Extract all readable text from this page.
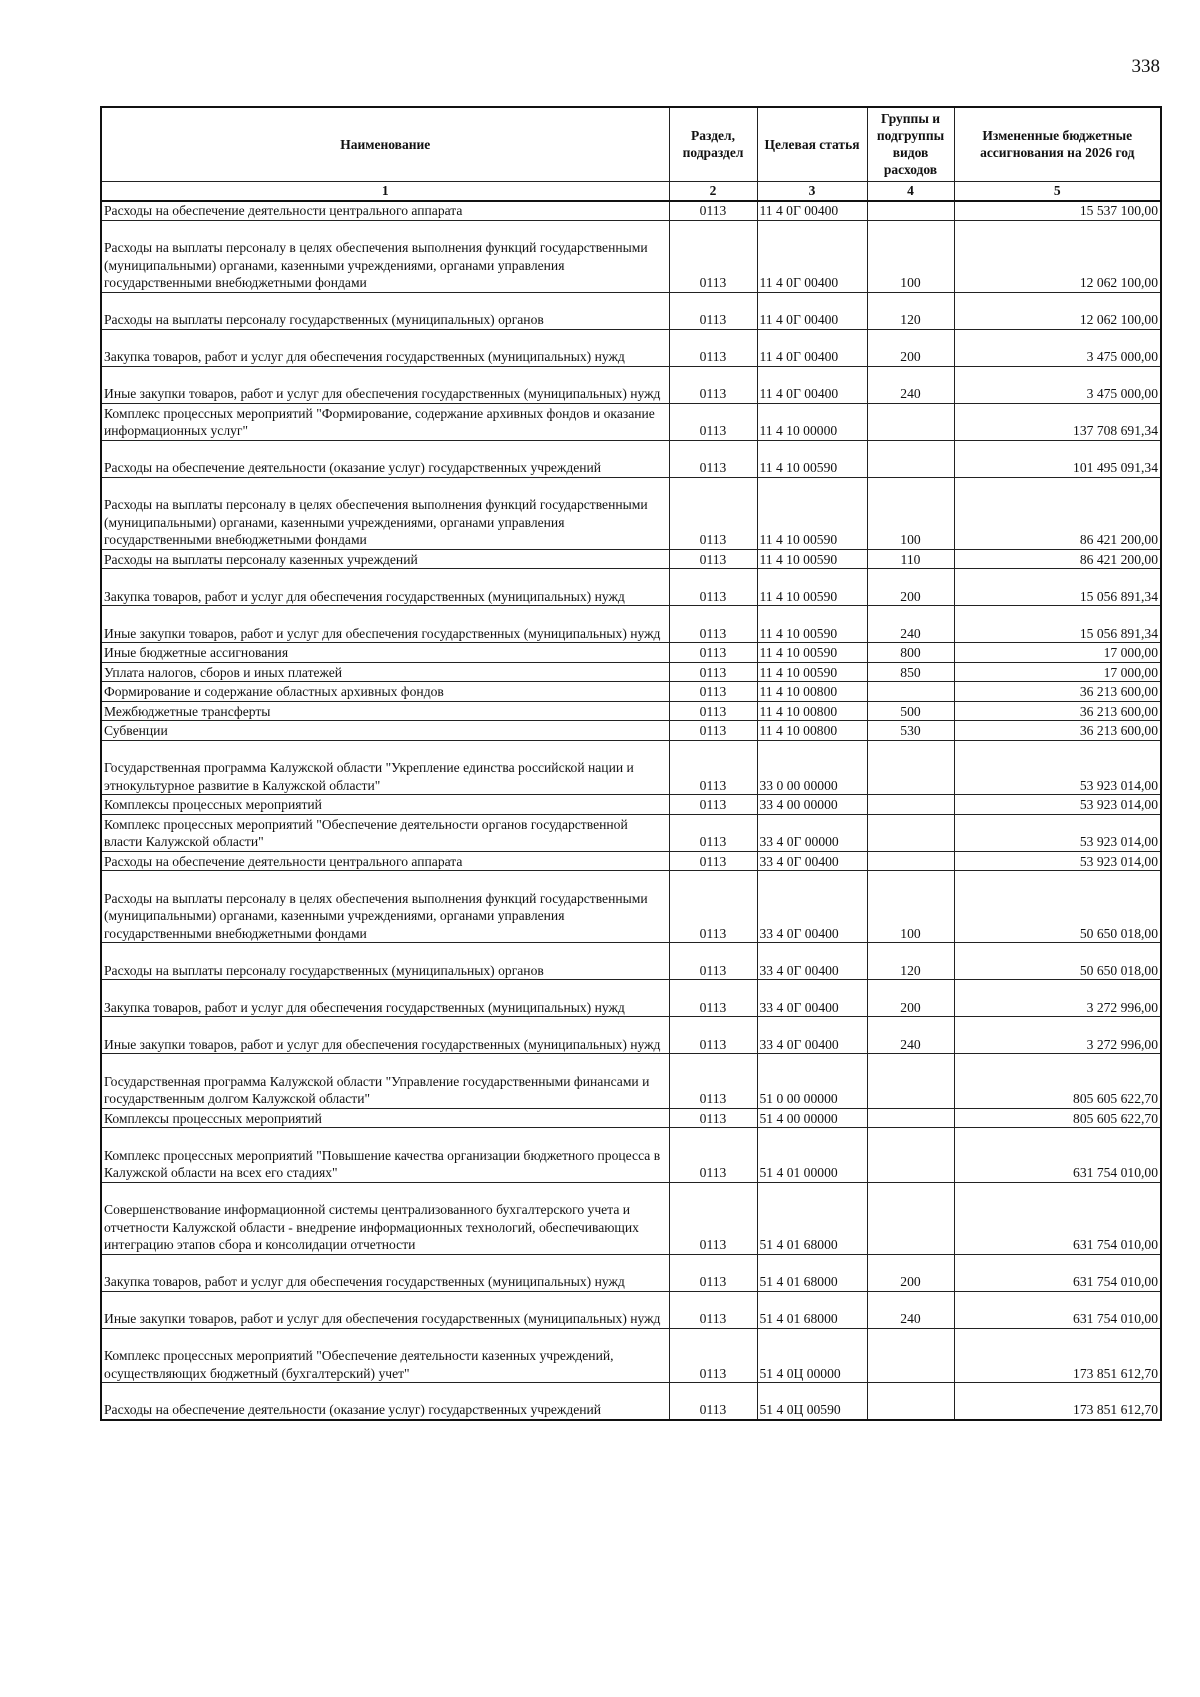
338
Наименование	Раздел, подраздел	Целевая статья	Группы и подгруппы видов расходов	Измененные бюджетные ассигнования на 2026 год
1	2	3	4	5
Расходы на обеспечение деятельности центрального аппарата	0113	11 4 0Г 00400		15 537 100,00
Расходы на выплаты персоналу в целях обеспечения выполнения функций государственными (муниципальными) органами, казенными учреждениями, органами управления государственными внебюджетными фондами	0113	11 4 0Г 00400	100	12 062 100,00
Расходы на выплаты персоналу государственных (муниципальных) органов	0113	11 4 0Г 00400	120	12 062 100,00
Закупка товаров, работ и услуг для обеспечения государственных (муниципальных) нужд	0113	11 4 0Г 00400	200	3 475 000,00
Иные закупки товаров, работ и услуг для обеспечения государственных (муниципальных) нужд	0113	11 4 0Г 00400	240	3 475 000,00
Комплекс процессных мероприятий "Формирование, содержание архивных фондов и оказание информационных услуг"	0113	11 4 10 00000		137 708 691,34
Расходы на обеспечение деятельности (оказание услуг) государственных учреждений	0113	11 4 10 00590		101 495 091,34
Расходы на выплаты персоналу в целях обеспечения выполнения функций государственными (муниципальными) органами, казенными учреждениями, органами управления государственными внебюджетными фондами	0113	11 4 10 00590	100	86 421 200,00
Расходы на выплаты персоналу казенных учреждений	0113	11 4 10 00590	110	86 421 200,00
Закупка товаров, работ и услуг для обеспечения государственных (муниципальных) нужд	0113	11 4 10 00590	200	15 056 891,34
Иные закупки товаров, работ и услуг для обеспечения государственных (муниципальных) нужд	0113	11 4 10 00590	240	15 056 891,34
Иные бюджетные ассигнования	0113	11 4 10 00590	800	17 000,00
Уплата налогов, сборов и иных платежей	0113	11 4 10 00590	850	17 000,00
Формирование и содержание областных архивных фондов	0113	11 4 10 00800		36 213 600,00
Межбюджетные трансферты	0113	11 4 10 00800	500	36 213 600,00
Субвенции	0113	11 4 10 00800	530	36 213 600,00
Государственная программа Калужской области "Укрепление единства российской нации и этнокультурное развитие в Калужской области"	0113	33 0 00 00000		53 923 014,00
Комплексы процессных мероприятий	0113	33 4 00 00000		53 923 014,00
Комплекс процессных мероприятий "Обеспечение деятельности органов государственной власти Калужской области"	0113	33 4 0Г 00000		53 923 014,00
Расходы на обеспечение деятельности центрального аппарата	0113	33 4 0Г 00400		53 923 014,00
Расходы на выплаты персоналу в целях обеспечения выполнения функций государственными (муниципальными) органами, казенными учреждениями, органами управления государственными внебюджетными фондами	0113	33 4 0Г 00400	100	50 650 018,00
Расходы на выплаты персоналу государственных (муниципальных) органов	0113	33 4 0Г 00400	120	50 650 018,00
Закупка товаров, работ и услуг для обеспечения государственных (муниципальных) нужд	0113	33 4 0Г 00400	200	3 272 996,00
Иные закупки товаров, работ и услуг для обеспечения государственных (муниципальных) нужд	0113	33 4 0Г 00400	240	3 272 996,00
Государственная программа Калужской области "Управление государственными финансами и государственным долгом Калужской области"	0113	51 0 00 00000		805 605 622,70
Комплексы процессных мероприятий	0113	51 4 00 00000		805 605 622,70
Комплекс процессных мероприятий "Повышение качества организации бюджетного процесса в Калужской области на всех его стадиях"	0113	51 4 01 00000		631 754 010,00
Совершенствование информационной системы централизованного бухгалтерского учета и отчетности Калужской области - внедрение информационных технологий, обеспечивающих интеграцию этапов сбора и консолидации отчетности	0113	51 4 01 68000		631 754 010,00
Закупка товаров, работ и услуг для обеспечения государственных (муниципальных) нужд	0113	51 4 01 68000	200	631 754 010,00
Иные закупки товаров, работ и услуг для обеспечения государственных (муниципальных) нужд	0113	51 4 01 68000	240	631 754 010,00
Комплекс процессных мероприятий "Обеспечение деятельности казенных учреждений, осуществляющих бюджетный (бухгалтерский) учет"	0113	51 4 0Ц 00000		173 851 612,70
Расходы на обеспечение деятельности (оказание услуг) государственных учреждений	0113	51 4 0Ц 00590		173 851 612,70
